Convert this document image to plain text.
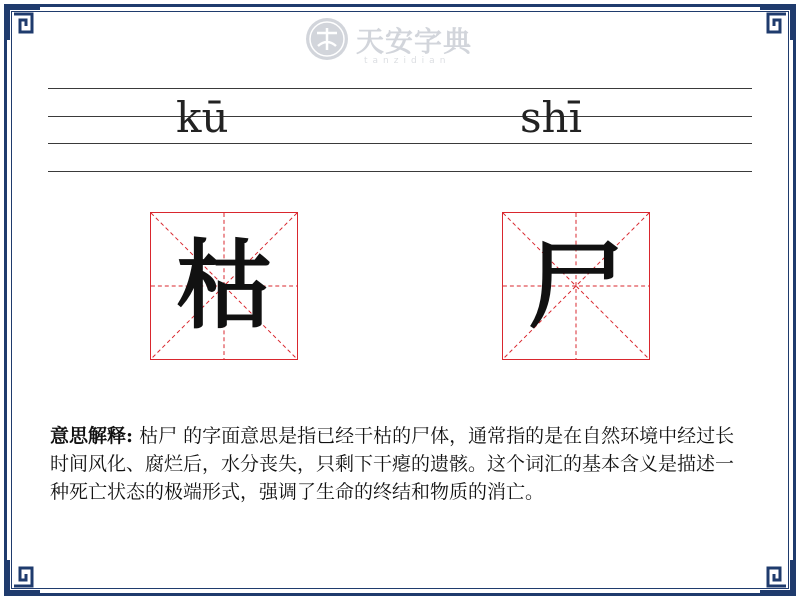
天安字典
tanzidian
kū	shī
枯	尸
意思解释: 枯尸 的字面意思是指已经干枯的尸体，通常指的是在自然环境中经过长时间风化、腐烂后，水分丧失，只剩下干瘪的遗骸。这个词汇的基本含义是描述一种死亡状态的极端形式，强调了生命的终结和物质的消亡。
